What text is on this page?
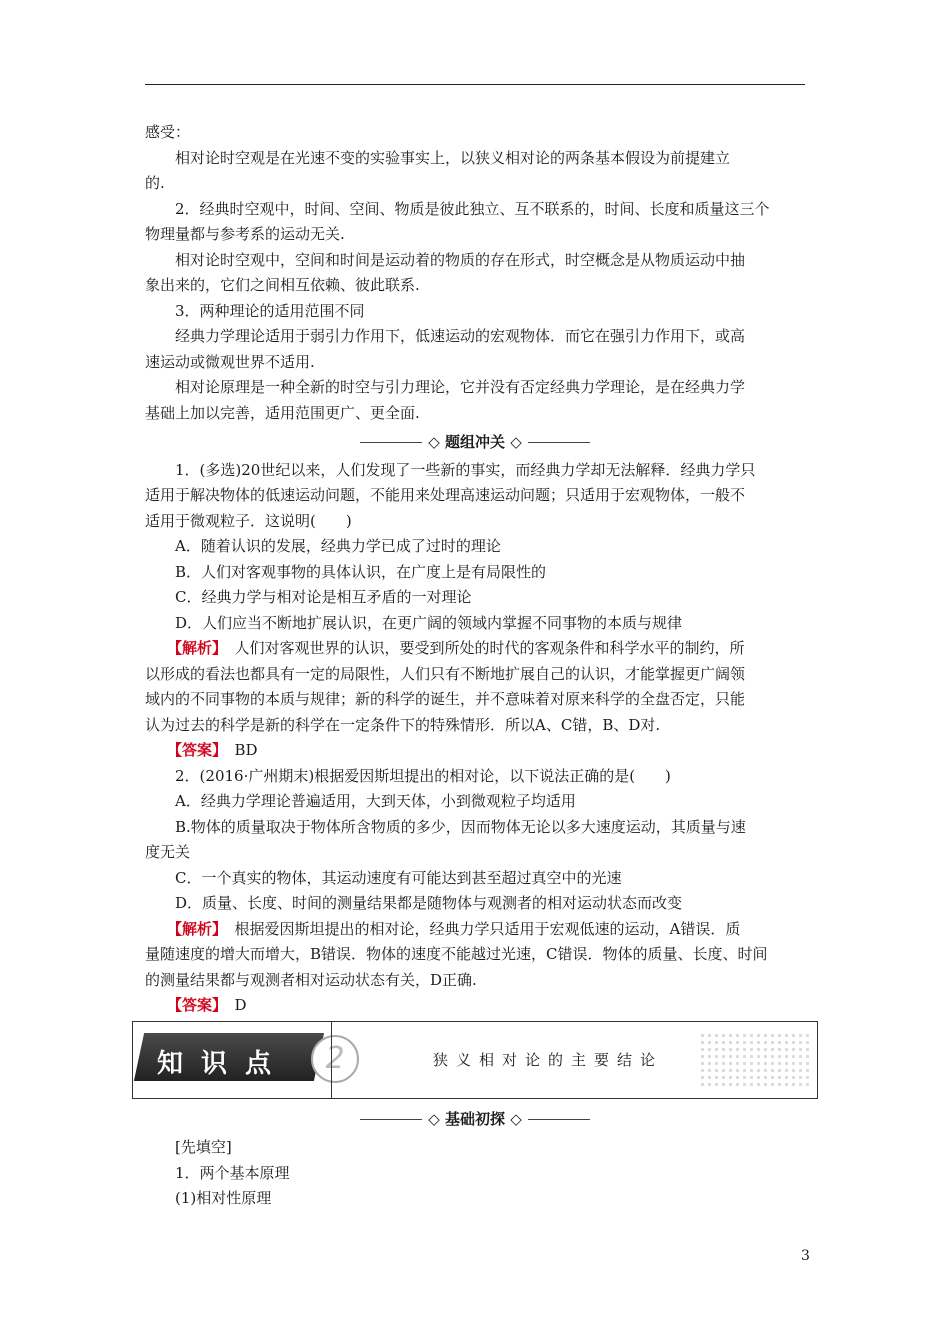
感受：
相对论时空观是在光速不变的实验事实上，以狭义相对论的两条基本假设为前提建立
的.
2．经典时空观中，时间、空间、物质是彼此独立、互不联系的，时间、长度和质量这三个
物理量都与参考系的运动无关.
相对论时空观中，空间和时间是运动着的物质的存在形式，时空概念是从物质运动中抽
象出来的，它们之间相互依赖、彼此联系.
3．两种理论的适用范围不同
经典力学理论适用于弱引力作用下，低速运动的宏观物体．而它在强引力作用下，或高
速运动或微观世界不适用.
相对论原理是一种全新的时空与引力理论，它并没有否定经典力学理论，是在经典力学
基础上加以完善，适用范围更广、更全面.
◇ 题组冲关 ◇
1．(多选)20世纪以来，人们发现了一些新的事实，而经典力学却无法解释．经典力学只
适用于解决物体的低速运动问题，不能用来处理高速运动问题；只适用于宏观物体，一般不
适用于微观粒子．这说明(　　)
A．随着认识的发展，经典力学已成了过时的理论
B．人们对客观事物的具体认识，在广度上是有局限性的
C．经典力学与相对论是相互矛盾的一对理论
D．人们应当不断地扩展认识，在更广阔的领域内掌握不同事物的本质与规律
【解析】　人们对客观世界的认识，要受到所处的时代的客观条件和科学水平的制约，所
以形成的看法也都具有一定的局限性，人们只有不断地扩展自己的认识，才能掌握更广阔领
域内的不同事物的本质与规律；新的科学的诞生，并不意味着对原来科学的全盘否定，只能
认为过去的科学是新的科学在一定条件下的特殊情形．所以A、C错，B、D对.
【答案】　BD
2．(2016·广州期末)根据爱因斯坦提出的相对论，以下说法正确的是(　　)
A．经典力学理论普遍适用，大到天体，小到微观粒子均适用
B.物体的质量取决于物体所含物质的多少，因而物体无论以多大速度运动，其质量与速
度无关
C．一个真实的物体，其运动速度有可能达到甚至超过真空中的光速
D．质量、长度、时间的测量结果都是随物体与观测者的相对运动状态而改变
【解析】　根据爱因斯坦提出的相对论，经典力学只适用于宏观低速的运动，A错误．质
量随速度的增大而增大，B错误．物体的速度不能越过光速，C错误．物体的质量、长度、时间
的测量结果都与观测者相对运动状态有关，D正确.
【答案】　D
知识点	2	狭义相对论的主要结论
◇ 基础初探 ◇
[先填空]
1．两个基本原理
(1)相对性原理
3
